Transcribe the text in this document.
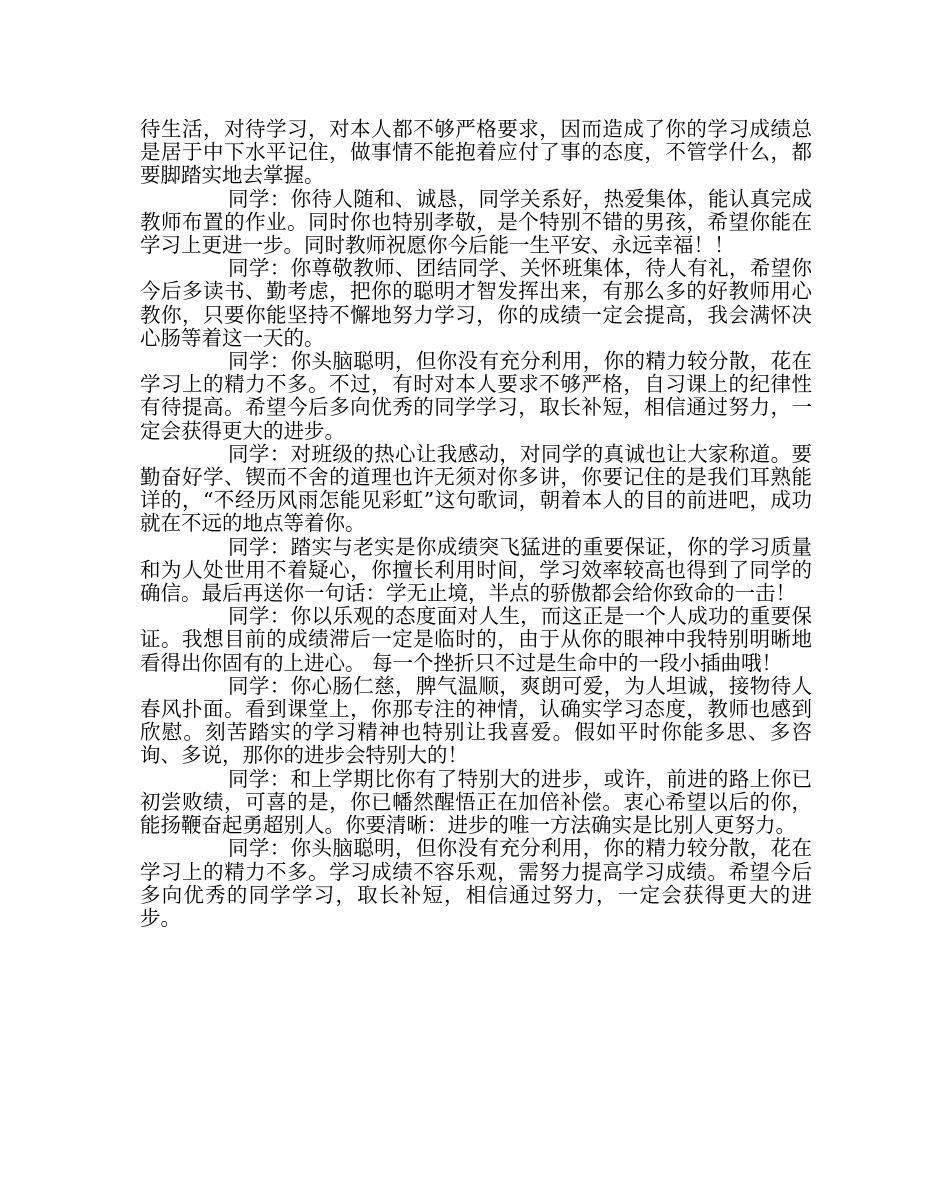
待生活，对待学习，对本人都不够严格要求，因而造成了你的学习成绩总是居于中下水平记住，做事情不能抱着应付了事的态度，不管学什么，都要脚踏实地去掌握。

同学：你待人随和、诚恳，同学关系好，热爱集体，能认真完成教师布置的作业。同时你也特别孝敬，是个特别不错的男孩，希望你能在学习上更进一步。同时教师祝愿你今后能一生平安、永远幸福！！

同学：你尊敬教师、团结同学、关怀班集体，待人有礼，希望你今后多读书、勤考虑，把你的聪明才智发挥出来，有那么多的好教师用心教你，只要你能坚持不懈地努力学习，你的成绩一定会提高，我会满怀决心肠等着这一天的。

同学：你头脑聪明，但你没有充分利用，你的精力较分散，花在学习上的精力不多。不过，有时对本人要求不够严格，自习课上的纪律性有待提高。希望今后多向优秀的同学学习，取长补短，相信通过努力，一定会获得更大的进步。

同学：对班级的热心让我感动，对同学的真诚也让大家称道。要勤奋好学、锲而不舍的道理也许无须对你多讲，你要记住的是我们耳熟能详的，“不经历风雨怎能见彩虹”这句歌词，朝着本人的目的前进吧，成功就在不远的地点等着你。

同学：踏实与老实是你成绩突飞猛进的重要保证，你的学习质量和为人处世用不着疑心，你擅长利用时间，学习效率较高也得到了同学的确信。最后再送你一句话：学无止境，半点的骄傲都会给你致命的一击！

同学：你以乐观的态度面对人生，而这正是一个人成功的重要保证。我想目前的成绩滞后一定是临时的，由于从你的眼神中我特别明晰地看得出你固有的上进心。 每一个挫折只不过是生命中的一段小插曲哦！

同学：你心肠仁慈，脾气温顺，爽朗可爱，为人坦诚，接物待人春风扑面。看到课堂上，你那专注的神情，认确实学习态度，教师也感到欣慰。刻苦踏实的学习精神也特别让我喜爱。假如平时你能多思、多咨询、多说，那你的进步会特别大的！

同学：和上学期比你有了特别大的进步，或许，前进的路上你已初尝败绩，可喜的是，你已幡然醒悟正在加倍补偿。衷心希望以后的你，能扬鞭奋起勇超别人。你要清晰：进步的唯一方法确实是比别人更努力。

同学：你头脑聪明，但你没有充分利用，你的精力较分散，花在学习上的精力不多。学习成绩不容乐观，需努力提高学习成绩。希望今后多向优秀的同学学习，取长补短，相信通过努力，一定会获得更大的进步。
